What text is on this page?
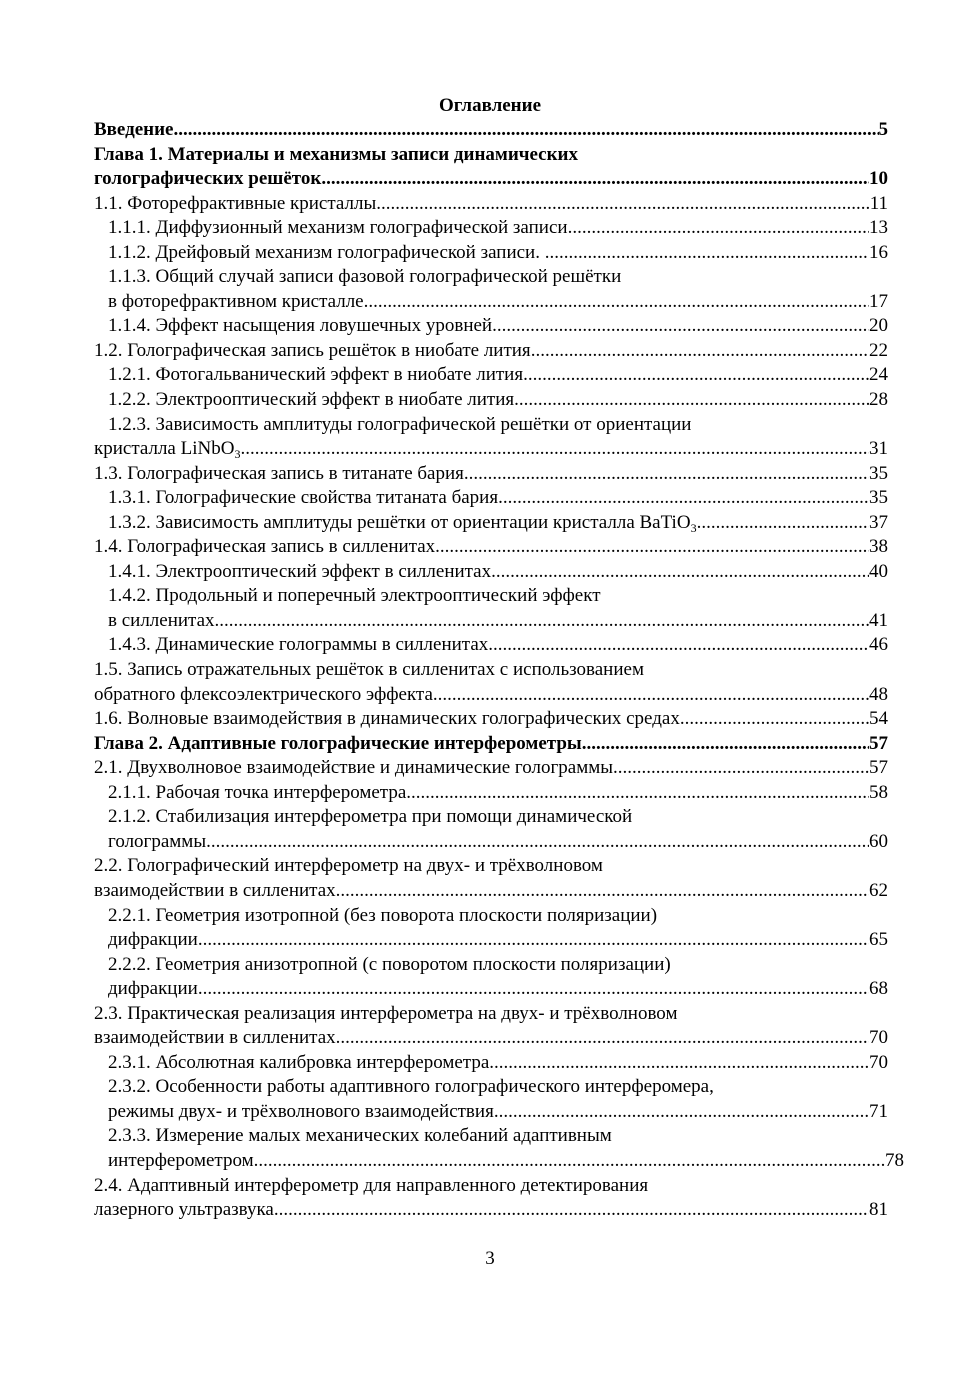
Оглавление
Введение .....	5
Глава 1. Материалы и механизмы записи динамических
голографических решёток .....	10
1.1. Фоторефрактивные кристаллы .....	11
1.1.1. Диффузионный механизм голографической записи .....	13
1.1.2. Дрейфовый механизм голографической записи. .....	16
1.1.3. Общий случай записи фазовой голографической решётки
в фоторефрактивном кристалле .....	17
1.1.4. Эффект насыщения ловушечных уровней .....	20
1.2. Голографическая запись решёток в ниобате лития .....	22
1.2.1. Фотогальванический эффект в ниобате лития .....	24
1.2.2. Электрооптический эффект в ниобате лития .....	28
1.2.3. Зависимость амплитуды голографической решётки от ориентации
кристалла LiNbO$_3$ .....	31
1.3. Голографическая запись в титанате бария .....	35
1.3.1. Голографические свойства титаната бария .....	35
1.3.2. Зависимость амплитуды решётки от ориентации кристалла BaTiO$_3$ .....	37
1.4. Голографическая запись в силленитах .....	38
1.4.1. Электрооптический эффект в силленитах .....	40
1.4.2. Продольный и поперечный электрооптический эффект
в силленитах .....	41
1.4.3. Динамические голограммы в силленитах .....	46
1.5. Запись отражательных решёток в силленитах с использованием
обратного флексоэлектрического эффекта .....	48
1.6. Волновые взаимодействия в динамических голографических средах .....	54
Глава 2. Адаптивные голографические интерферометры .....	57
2.1. Двухволновое взаимодействие и динамические голограммы .....	57
2.1.1. Рабочая точка интерферометра .....	58
2.1.2. Стабилизация интерферометра при помощи динамической
голограммы .....	60
2.2. Голографический интерферометр на двух- и трёхволновом
взаимодействии в силленитах .....	62
2.2.1. Геометрия изотропной (без поворота плоскости поляризации)
дифракции .....	65
2.2.2. Геометрия анизотропной (с поворотом плоскости поляризации)
дифракции .....	68
2.3. Практическая реализация интерферометра на двух- и трёхволновом
взаимодействии в силленитах .....	70
2.3.1. Абсолютная калибровка интерферометра .....	70
2.3.2. Особенности работы адаптивного голографического интерферомера,
режимы двух- и трёхволнового взаимодействия .....	71
2.3.3. Измерение малых механических колебаний адаптивным
интерферометром .....	78
2.4. Адаптивный интерферометр для направленного детектирования
лазерного ультразвука .....	81
3
